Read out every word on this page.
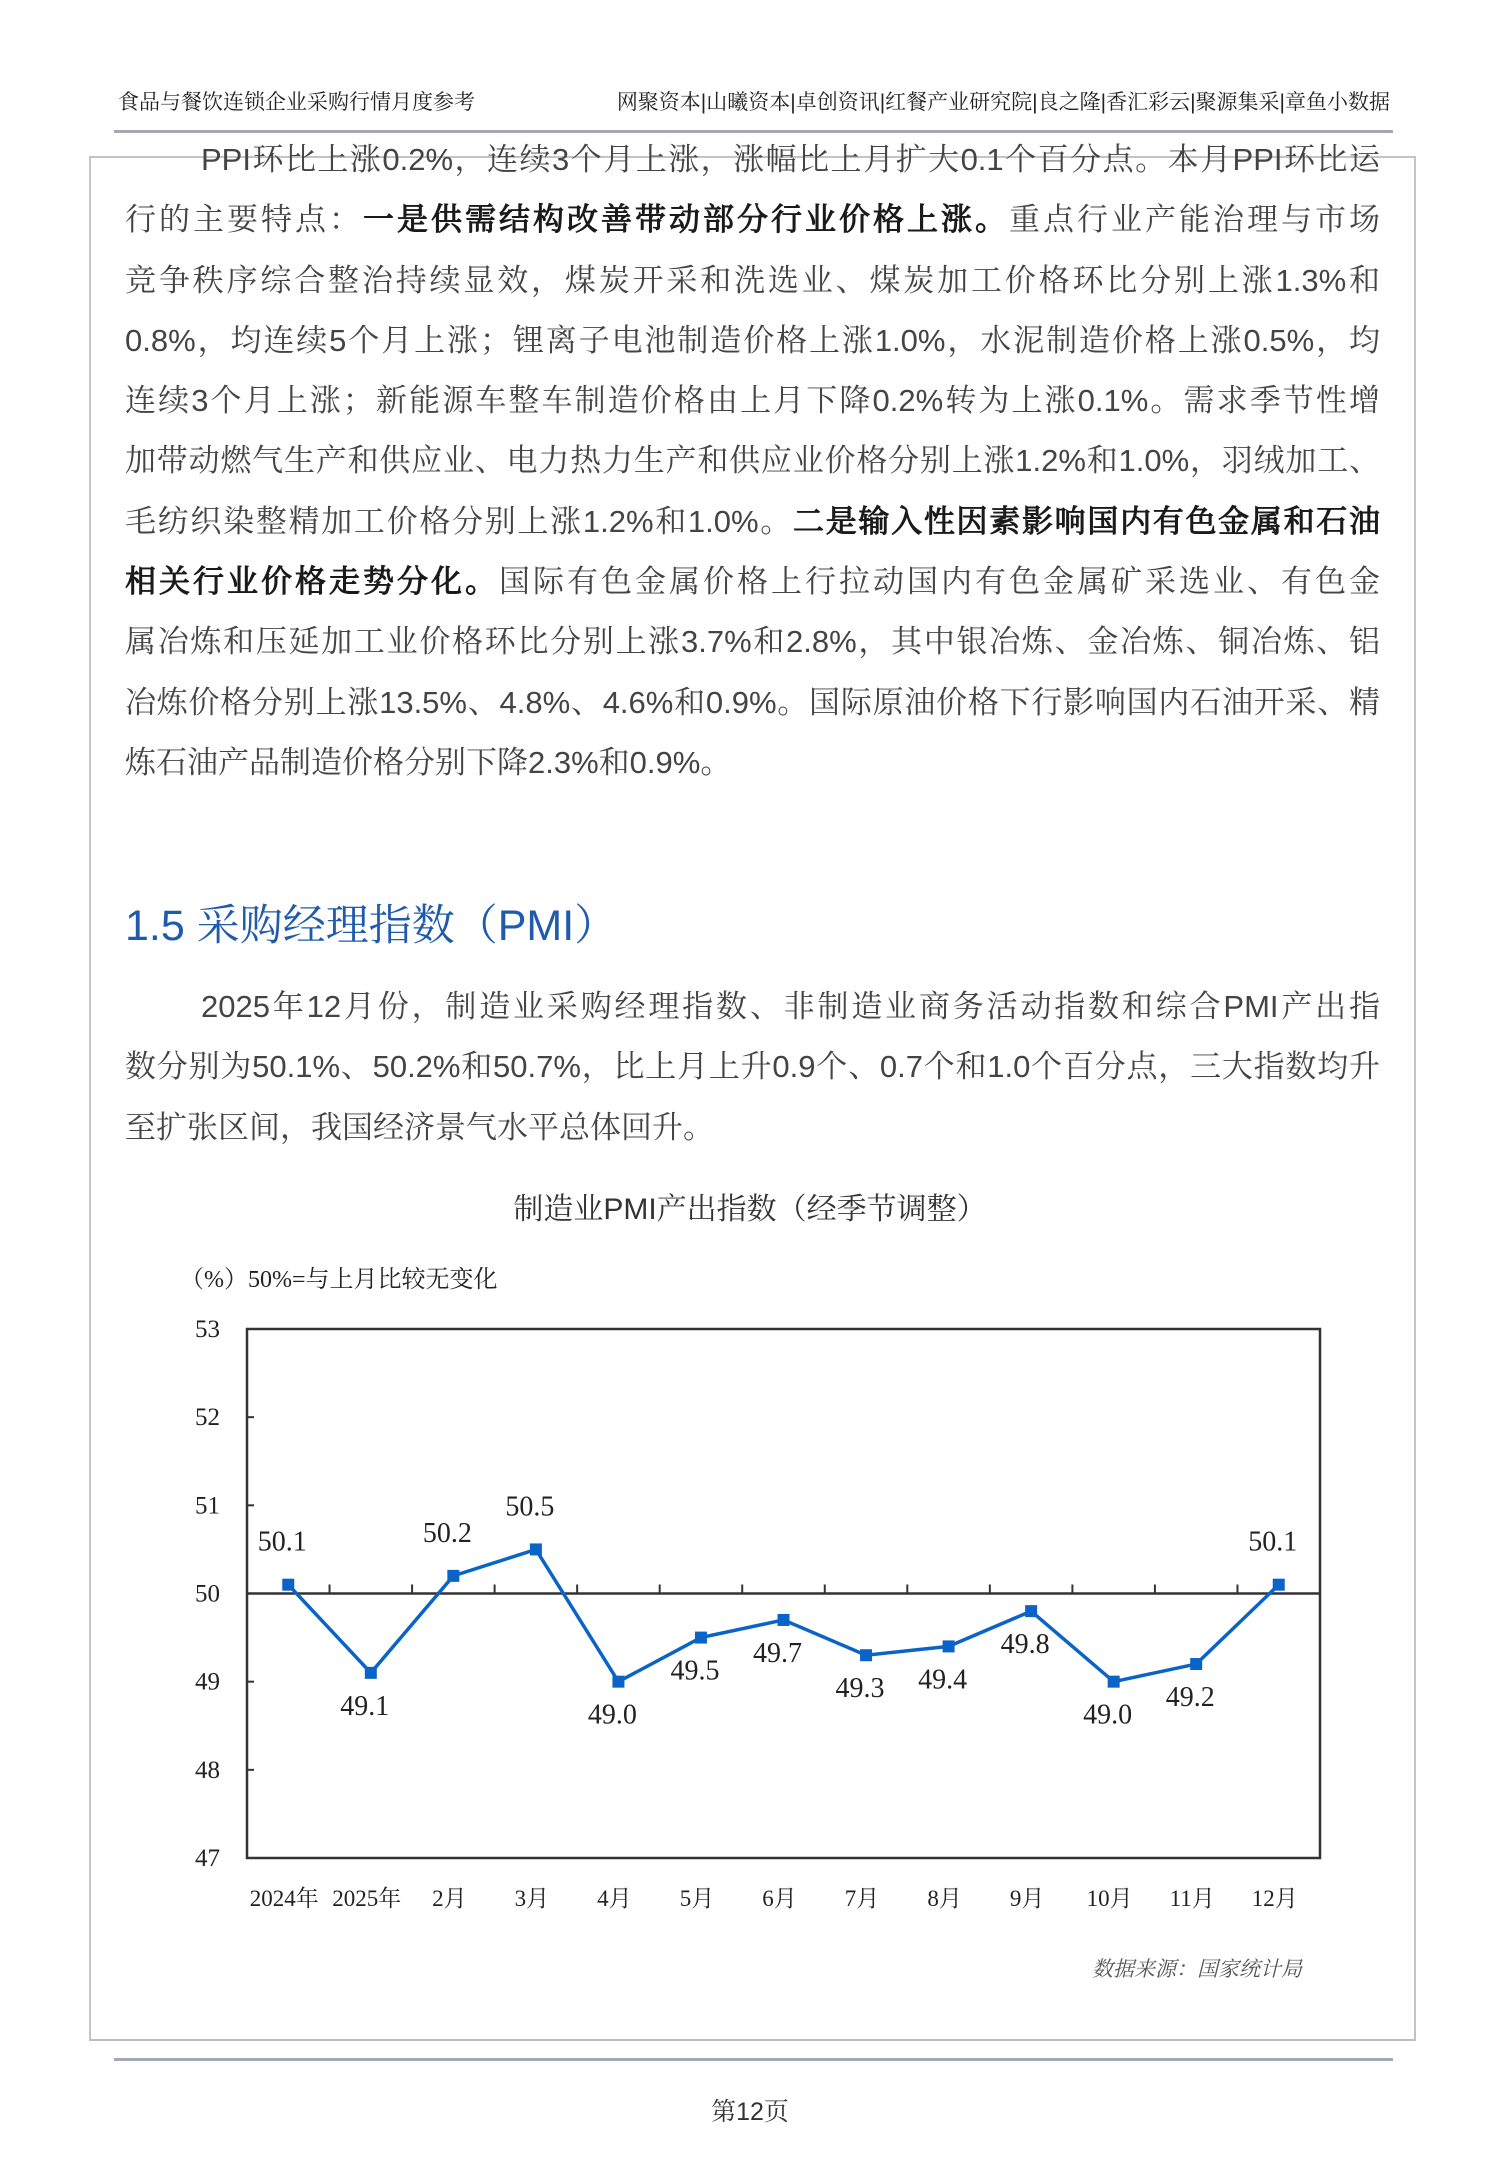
食品与餐饮连锁企业采购行情月度参考	网聚资本|山曦资本|卓创资讯|红餐产业研究院|良之隆|香汇彩云|聚源集采|章鱼小数据
PPI环比上涨0.2%，连续3个月上涨，涨幅比上月扩大0.1个百分点。本月PPI环比运
行的主要特点：一是供需结构改善带动部分行业价格上涨。重点行业产能治理与市场
竞争秩序综合整治持续显效，煤炭开采和洗选业、煤炭加工价格环比分别上涨1.3%和
0.8%，均连续5个月上涨；锂离子电池制造价格上涨1.0%，水泥制造价格上涨0.5%，均
连续3个月上涨；新能源车整车制造价格由上月下降0.2%转为上涨0.1%。需求季节性增
加带动燃气生产和供应业、电力热力生产和供应业价格分别上涨1.2%和1.0%，羽绒加工、
毛纺织染整精加工价格分别上涨1.2%和1.0%。二是输入性因素影响国内有色金属和石油
相关行业价格走势分化。国际有色金属价格上行拉动国内有色金属矿采选业、有色金
属冶炼和压延加工业价格环比分别上涨3.7%和2.8%，其中银冶炼、金冶炼、铜冶炼、铝
冶炼价格分别上涨13.5%、4.8%、4.6%和0.9%。国际原油价格下行影响国内石油开采、精
炼石油产品制造价格分别下降2.3%和0.9%。
1.5 采购经理指数（PMI）
2025年12月份，制造业采购经理指数、非制造业商务活动指数和综合PMI产出指
数分别为50.1%、50.2%和50.7%，比上月上升0.9个、0.7个和1.0个百分点，三大指数均升
至扩张区间，我国经济景气水平总体回升。
制造业PMI产出指数（经季节调整）
（%）50%=与上月比较无变化
47
48
49
50
51
52
53
50.1
49.1
50.2
50.5
49.0
49.5
49.7
49.3 49.4
49.8
49.0
49.2
50.1
2024年 2025年 2月 3月 4月 5月 6月 7月 8月 9月 10月 11月 12月
数据来源：国家统计局
第12页
